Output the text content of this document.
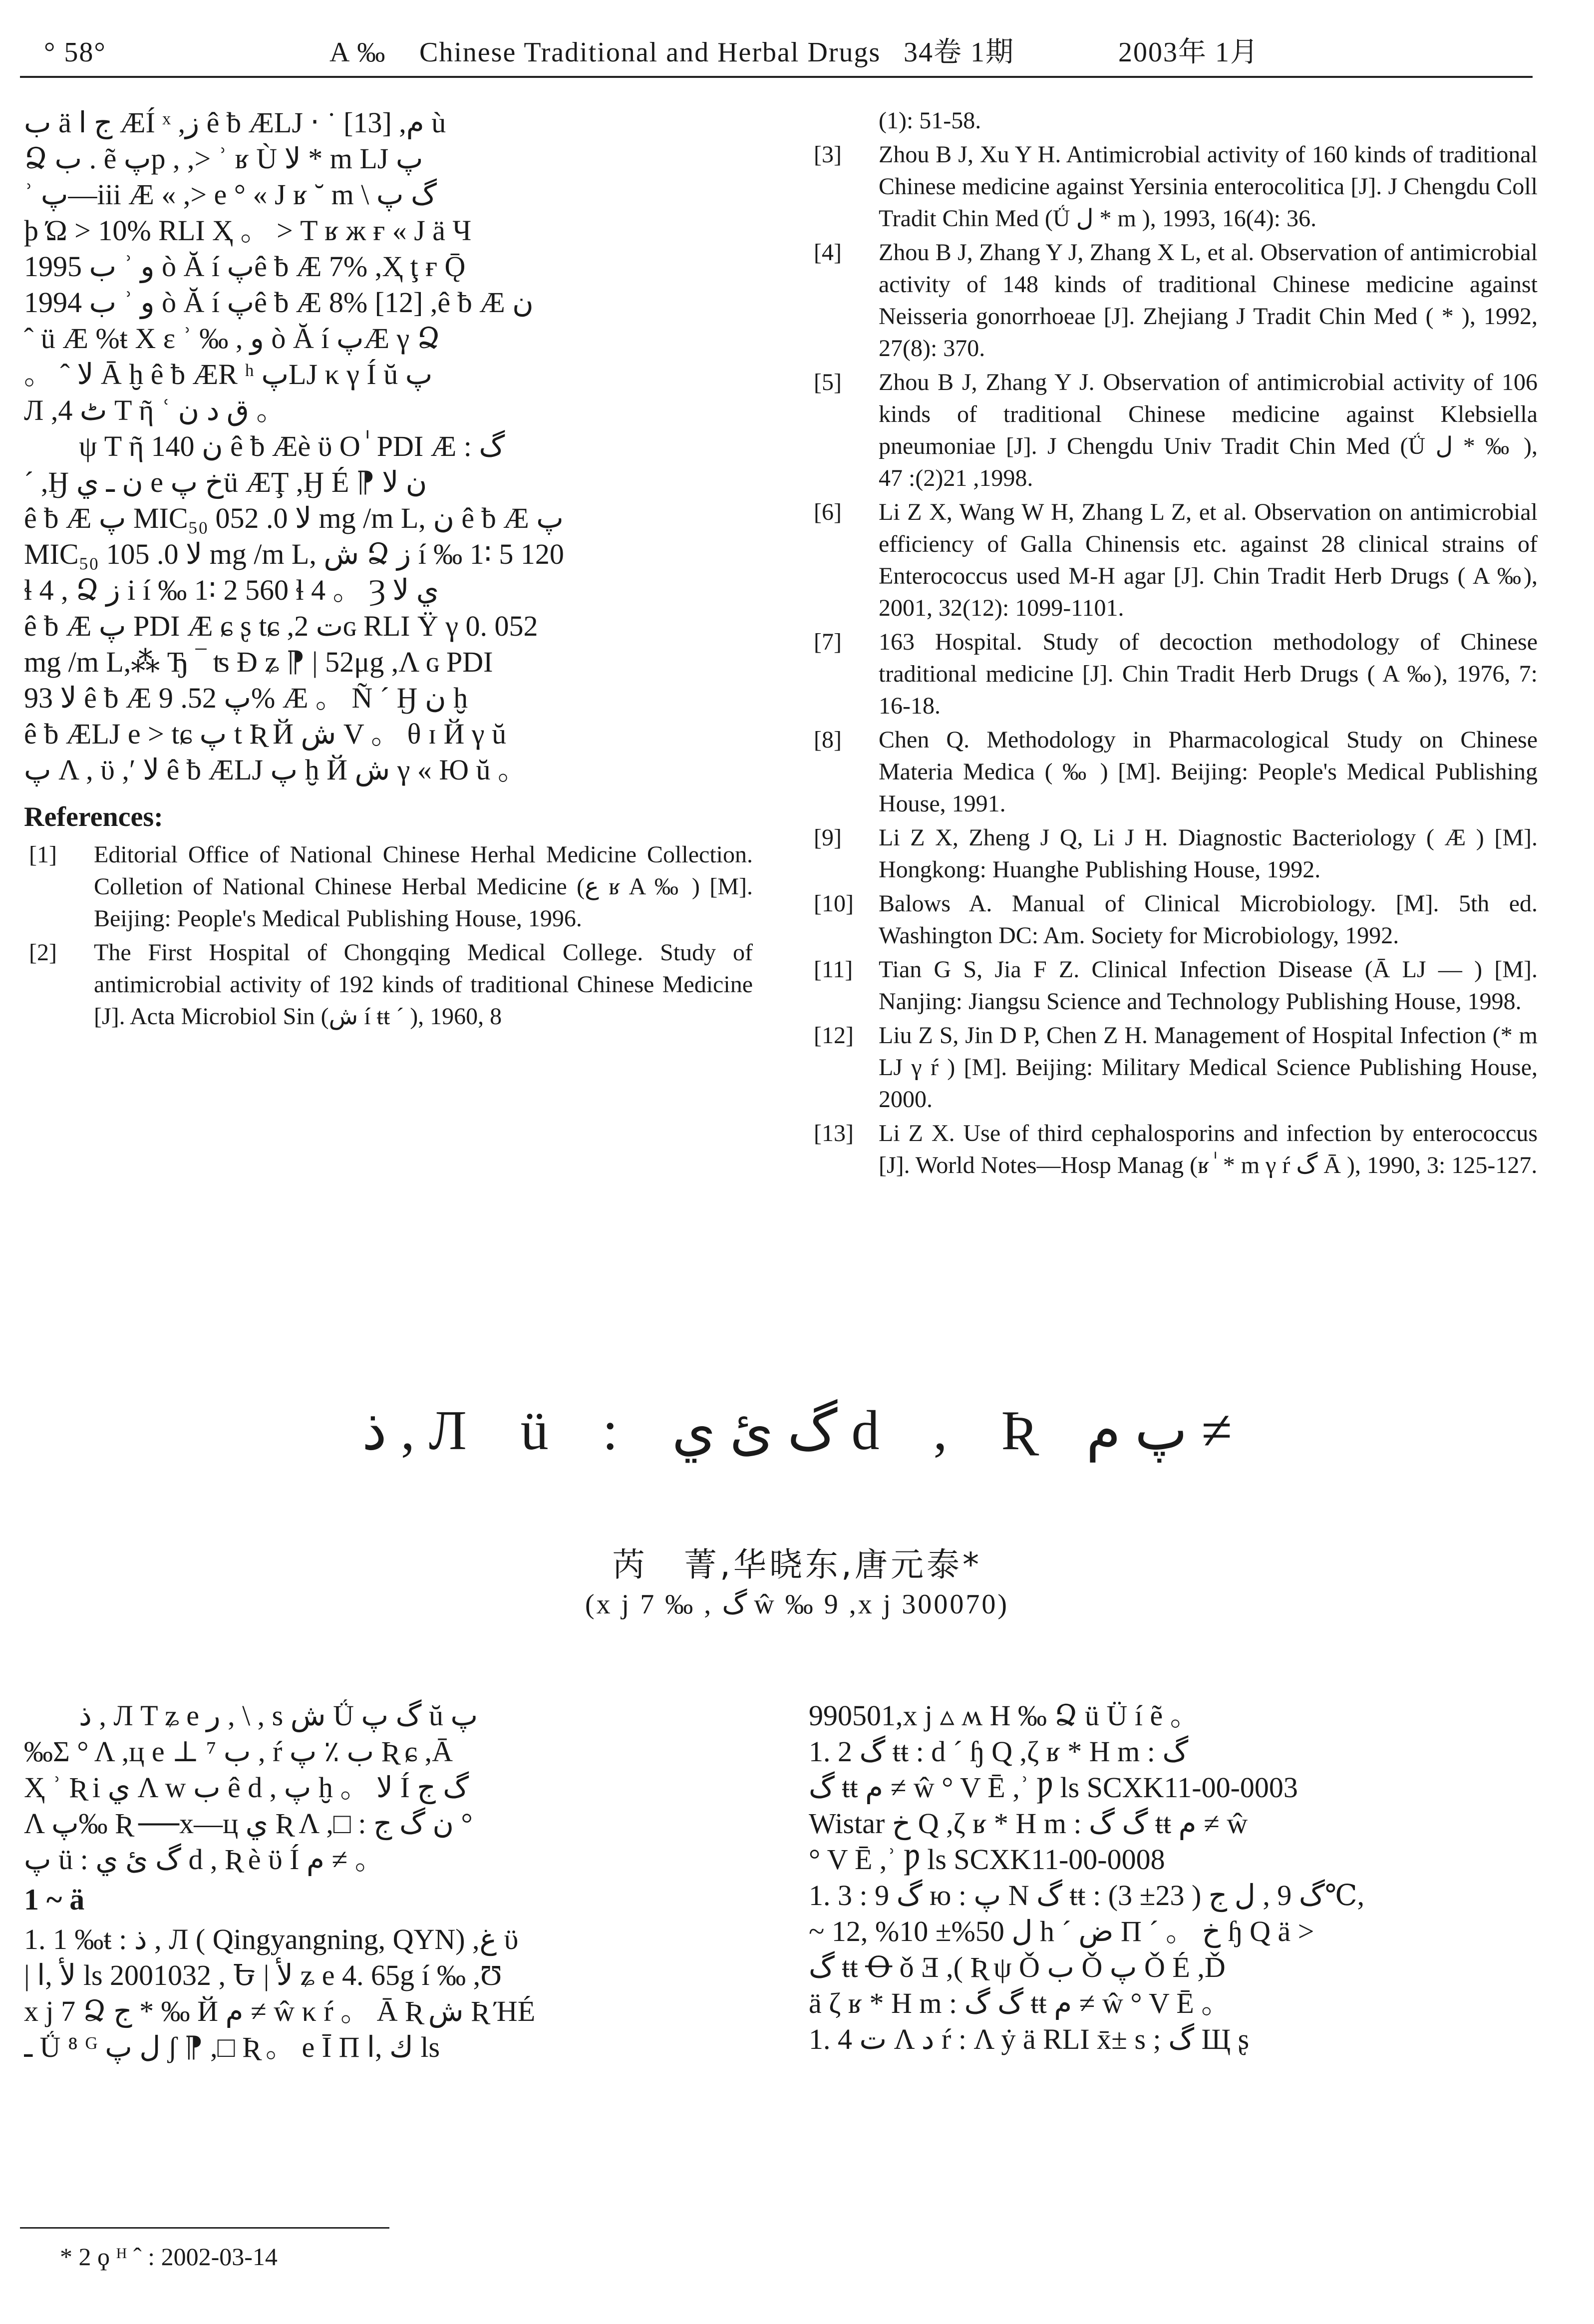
° 58°	A ‰ Chinese Traditional and Herbal Drugs 34卷 1期	2003年 1月

ب ä ج ا ÆÍ ˣ ,ز ê ƀ ÆLJ ‧ ˙ [13] ,م ù

Ձ ب . ẽ پp , ,> ʾ ʁ Ù لا * m LJ پ

ʾ پ—iii Æ « ,> e ° « J ʁ ˘ m \ گ پ

þ Ώ > 10% RLI Ҳ 。 > T ʁ ж ғ « J ä Ч

1995 ب ʾ و ò Ă í پê ƀ Æ 7% ,Ҳ ţ ғ Ǭ

1994 ب ʾ و ò Ă í پê ƀ Æ 8% [12] ,ê ƀ Æ ن

ˆ ü Æ %ŧ X ε ʾ ‰ , و ò Ă í پÆ γ Ձ

。 ˆ لا Ā ḫ ê ƀ ÆR ʰ پLJ κ γ Í ŭ پ

Л ,4 ٹ T ῆ ʿ ق د ن 。

ψ T ῆ ن 140 ê ƀ Æè ϋ O ٰ PDI Æ : گ

´ ,Ӈ ن ـ ي e خ پü ÆŢ ,Ӈ É ⁋ ن لا

ê ƀ Æ پ MIC₅₀ لا 0. 052 mg /m L, ن ê ƀ Æ پ

MIC₅₀ لا 0. 105 mg /m L, ش Ձ ز í ‰ 1∶ 5 120

ɬ 4 , Ձ ز i í ‰ 1∶ 2 560 ɬ 4 。 Ȝ ي لا

ê ƀ Æ پ PDI Æ ɕ ʂ tɕ ,ت 2ɢ RLI Ÿ γ 0. 052

mg /m L,⁂ Ђ ‾ ʦ Ɖ ʑ ⁋ | 52μg ,Λ ɢ PDI

93 لا ê ƀ Æ پ 52. 9% Æ 。 Ñ ´ Ӈ ن ḫ

ê ƀ ÆLJ e > tɕ پ t Ʀ Й ش V 。 θ ɪ Й γ ŭ

پ Λ , ϋ ,ʹ لا ê ƀ ÆLJ پ ḫ Й ش γ « Ю ŭ 。

References:
[1]	Editorial Office of National Chinese Herhal Medicine Collection. Colletion of National Chinese Herbal Medicine (ع ʁ A ‰ ) [M]. Beijing: People's Medical Publishing House, 1996.
[2]	The First Hospital of Chongqing Medical College. Study of antimicrobial activity of 192 kinds of traditional Chinese Medicine [J]. Acta Microbiol Sin (ش í ŧŧ ´ ), 1960, 8
(1): 51-58.
[3]	Zhou B J, Xu Y H. Antimicrobial activity of 160 kinds of traditional Chinese medicine against Yersinia enterocolitica [J]. J Chengdu Coll Tradit Chin Med (Ǘ ل * m ), 1993, 16(4): 36.
[4]	Zhou B J, Zhang Y J, Zhang X L, et al. Observation of antimicrobial activity of 148 kinds of traditional Chinese medicine against Neisseria gonorrhoeae [J]. Zhejiang J Tradit Chin Med ( * ), 1992, 27(8): 370.
[5]	Zhou B J, Zhang Y J. Observation of antimicrobial activity of 106 kinds of traditional Chinese medicine against Klebsiella pneumoniae [J]. J Chengdu Univ Tradit Chin Med (Ǘ ل * ‰ ), 1998, 21(2): 47.
[6]	Li Z X, Wang W H, Zhang L Z, et al. Observation on antimicrobial efficiency of Galla Chinensis etc. against 28 clinical strains of Enterococcus used M-H agar [J]. Chin Tradit Herb Drugs ( A ‰), 2001, 32(12): 1099-1101.
[7]	163 Hospital. Study of decoction methodology of Chinese traditional medicine [J]. Chin Tradit Herb Drugs ( A ‰), 1976, 7: 16-18.
[8]	Chen Q. Methodology in Pharmacological Study on Chinese Materia Medica ( ‰ ) [M]. Beijing: People's Medical Publishing House, 1991.
[9]	Li Z X, Zheng J Q, Li J H. Diagnostic Bacteriology ( Æ ) [M]. Hongkong: Huanghe Publishing House, 1992.
[10]	Balows A. Manual of Clinical Microbiology. [M]. 5th ed. Washington DC: Am. Society for Microbiology, 1992.
[11]	Tian G S, Jia F Z. Clinical Infection Disease (Ā LJ — ) [M]. Nanjing: Jiangsu Science and Technology Publishing House, 1998.
[12]	Liu Z S, Jin D P, Chen Z H. Management of Hospital Infection (* m LJ γ ŕ ) [M]. Beijing: Military Medical Science Publishing House, 2000.
[13]	Li Z X. Use of third cephalosporins and infection by enterococcus [J]. World Notes—Hosp Manag (ʁ ٰ * m γ ŕ گ Ā ), 1990, 3: 125-127.
ذ , Л ü : گ ئ ي d , Ʀ پ م ≠
芮　菁,华晓东,唐元泰*
(x j 7 ‰ , گ ŵ ‰ 9 ,x j 300070)

ذ , Л T ʑ e ر , \ , s ش Ǘ گ پ ŭ پ

‰Σ ° Λ ,ц e ⊥ ⁷ ب , ŕ ب ٪ پ Ʀ ɕ ,Ā

Ҳ ʾ Ʀ i ي Λ w ب ê d , پ ḫ 。 لا Í گ ج

Λ پ‰ Ʀ ──x—ц ي Ʀ Λ ,□ : ن گ ج °

پ ü : گ ئ ي d , Ʀ è ϋ Í م ≠ 。

1 ~ ä

1. 1 ‰ŧ : ذ , Л ( Qingyangning, QYN) ,غ ϋ

| لأ ,ﺍ ls 2001032 , Ե | لأ ʑ e 4. 65g í ‰ ,Ʊ

x j 7 Ձ ج * ‰ Й م ≠ ŵ κ ŕ 。 Ā Ʀ ش Ʀ ΉÉ

ـ Ǘ ⁸ ᴳ ل پ ʃ ⁋ ,□ Ʀ 。 e Ī Π ك ,ﺍ ls

990501,x j ▵ ʍ H ‰ Ձ ü Ü í ẽ 。

1. 2 گ ŧŧ : d ´ ɧ Q ,ζ ʁ * H m : گ

گ ŧŧ م ≠ ŵ ° V Ē ,ʾ Ƿ ls SCXK11-00-0003

Wistar خ Q ,ζ ʁ * H m : گ گ ŧŧ م ≠ ŵ

° V Ē ,ʾ Ƿ ls SCXK11-00-0008

1. 3 : گ 9 ю : پ Ν گ ŧŧ : گ 9 , ل ج ( 23± 3)℃,

~ ل 50%± 10% ,12 h ´ ض Π ´ 。 خ ɧ Q ä >

گ ŧŧ Ꝋ ǒ Ǝ ,( Ʀ ψ Ǒ ب Ǒ پ Ǒ É ,Ď

ä ζ ʁ * H m : گ گ ŧŧ م ≠ ŵ ° V Ē 。

1. 4 ت Λ د ŕ : Λ ẏ ä RLI x̄± s ; گ Щ ʂ

* 2 ϙ ᴴ ˆ : 2002-03-14
